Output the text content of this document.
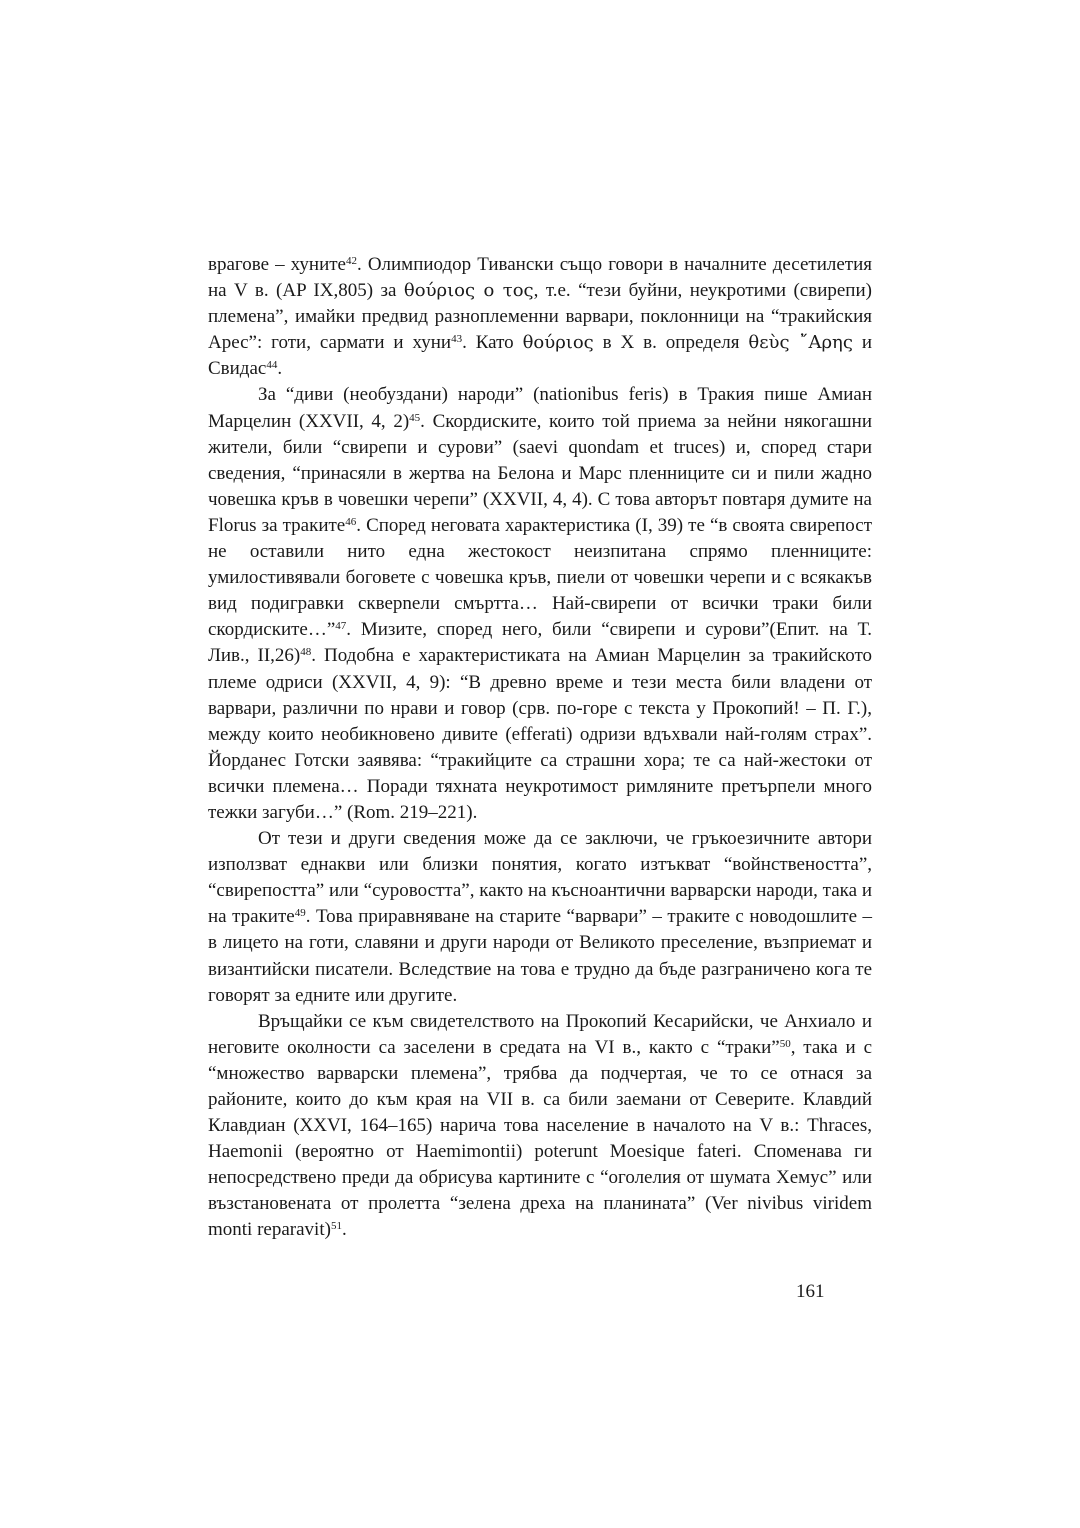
врагове – хуните$^{42}$. Олимпиодор Тивански също говори в началните десетилетия на V в. (AP IX,805) за θούριος ο τος, т.е. “тези буйни, неукротими (свирепи) племена”, имайки предвид разноплеменни варвари, поклонници на “тракийския Арес”: готи, сармати и хуни$^{43}$. Като θούριος в X в. определя θεὺς ῎Αρης и Свидас$^{44}$.

За “диви (необуздани) народи” (nationibus feris) в Тракия пише Амиан Марцелин (XXVII, 4, 2)$^{45}$. Скордиските, които той приема за нейни някогашни жители, били “свирепи и сурови” (saevi quondam et truces) и, според стари сведения, “принасяли в жертва на Белона и Марс пленниците си и пили жадно човешка кръв в човешки черепи” (XXVII, 4, 4). С това авторът повтаря думите на Florus за траките$^{46}$. Според неговата характеристика (I, 39) те “в своята свирепост не оставили нито една жестокост неизпитана спрямо пленниците: умилостивявали боговете с човешка кръв, пиели от човешки черепи и с всякакъв вид подигравки скверnели смъртта… Най-свирепи от всички траки били скордиските…”$^{47}$. Мизите, според него, били “свирепи и сурови”(Епит. на Т. Лив., II,26)$^{48}$. Подобна е характеристиката на Амиан Марцелин за тракийското племе одриси (XXVII, 4, 9): “В древно време и тези места били владени от варвари, различни по нрави и говор (срв. по-горе с текста у Прокопий! – П. Г.), между които необикновено дивите (efferati) одризи вдъхвали най-голям страх”. Йорданес Готски заявява: “тракийците са страшни хора; те са най-жестоки от всички племена… Поради тяхната неукротимост римляните претърпели много тежки загуби…” (Rom. 219–221).

От тези и други сведения може да се заключи, че гръкоезичните автори използват еднакви или близки понятия, когато изтъкват “войнствеността”, “свирепостта” или “суровостта”, както на късноантични варварски народи, така и на траките$^{49}$. Това приравняване на старите “варвари” – траките с новодошлите – в лицето на готи, славяни и други народи от Великото преселение, възприемат и византийски писатели. Вследствие на това е трудно да бъде разграничено кога те говорят за едните или другите.

Връщайки се към свидетелството на Прокопий Кесарийски, че Анхиало и неговите околности са заселени в средата на VI в., както с “траки”$^{50}$, така и с “множество варварски племена”, трябва да подчертая, че то се отнася за районите, които до към края на VII в. са били заемани от Северите. Клавдий Клавдиан (XXVI, 164–165) нарича това население в началото на V в.: Thraces, Haemonii (вероятно от Haemimontii) poterunt Moesique fateri. Споменава ги непосредствено преди да обрисува картините с “оголелия от шумата Хемус” или възстановената от пролетта “зелена дреха на планината” (Ver nivibus viridem monti reparavit)$^{51}$.

161
